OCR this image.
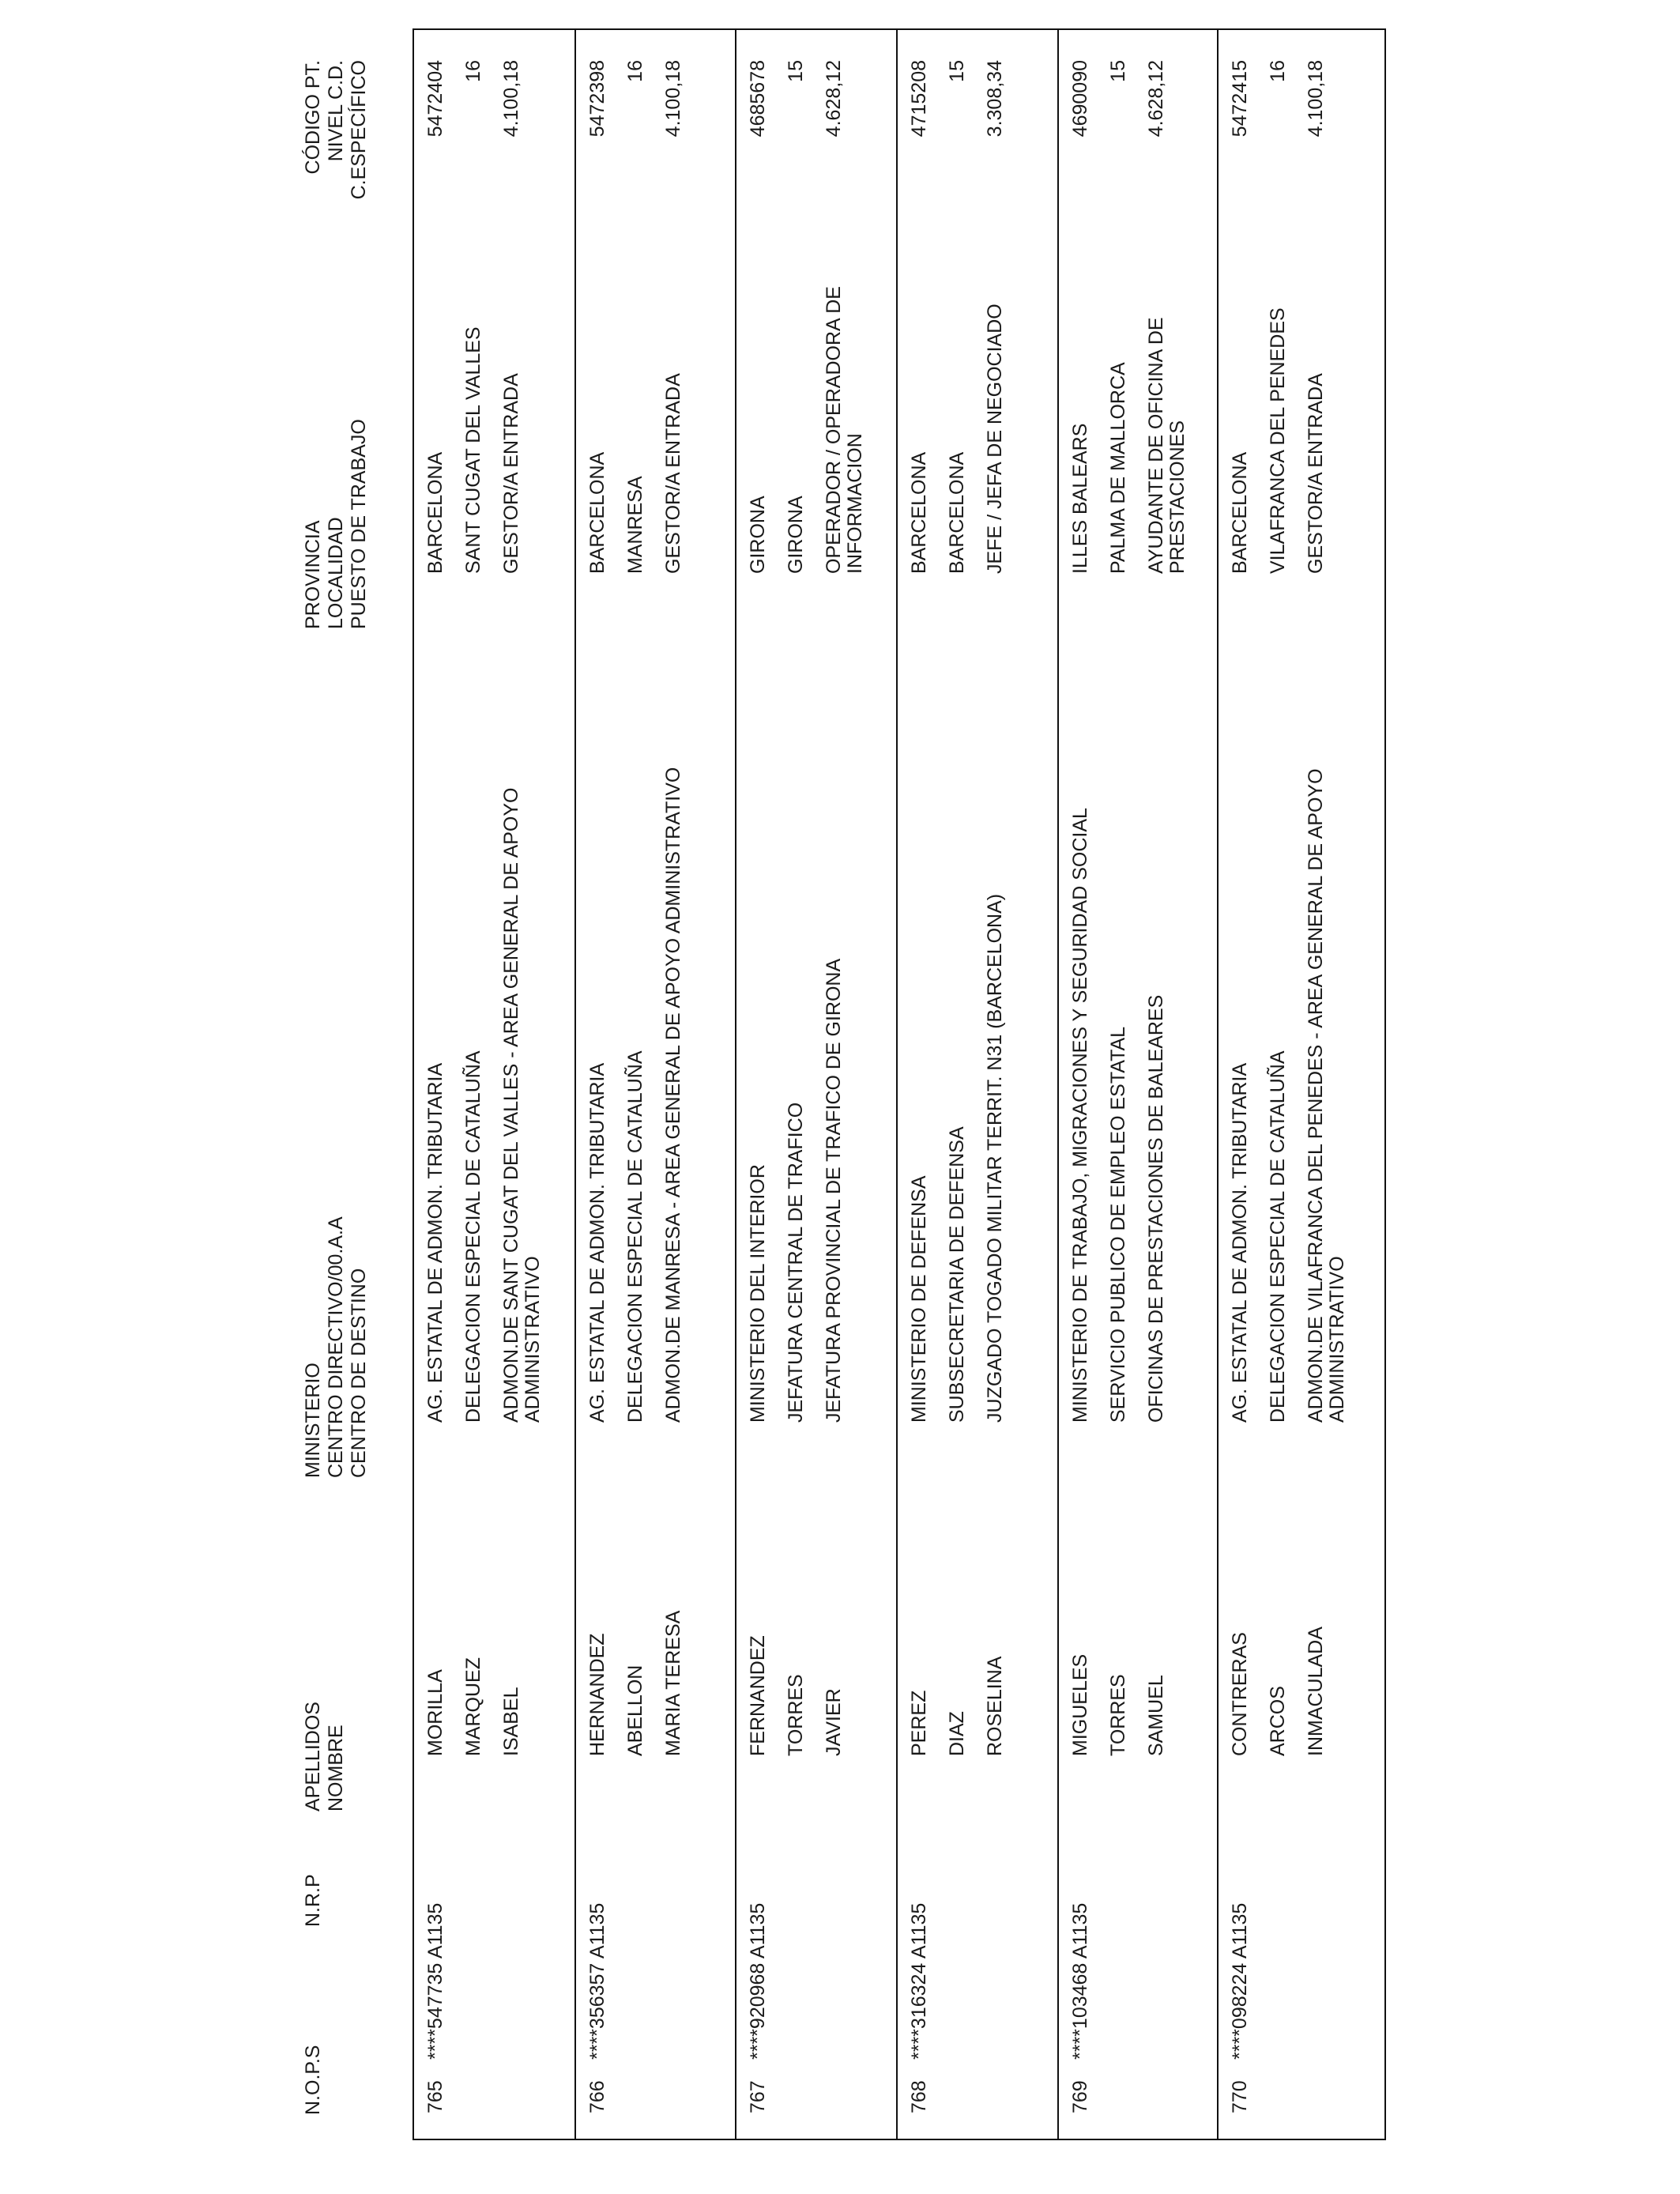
N.O.P.S
N.R.P
APELLIDOS NOMBRE
MINISTERIO CENTRO DIRECTIVO/00.A.A CENTRO DE DESTINO
PROVINCIA LOCALIDAD PUESTO DE TRABAJO
CÓDIGO PT. NIVEL C.D. C.ESPECÍFICO
765
****547735 A1135
MORILLA MARQUEZ ISABEL
AG. ESTATAL DE ADMON. TRIBUTARIA DELEGACION ESPECIAL DE CATALUÑA ADMON.DE SANT CUGAT DEL VALLES - AREA GENERAL DE APOYO ADMINISTRATIVO
BARCELONA SANT CUGAT DEL VALLES GESTOR/A ENTRADA
5472404 16 4.100,18
766
****356357 A1135
HERNANDEZ ABELLON MARIA TERESA
AG. ESTATAL DE ADMON. TRIBUTARIA DELEGACION ESPECIAL DE CATALUÑA ADMON.DE MANRESA - AREA GENERAL DE APOYO ADMINISTRATIVO
BARCELONA MANRESA GESTOR/A ENTRADA
5472398 16 4.100,18
767
****920968 A1135
FERNANDEZ TORRES JAVIER
MINISTERIO DEL INTERIOR JEFATURA CENTRAL DE TRAFICO JEFATURA PROVINCIAL DE TRAFICO DE GIRONA
GIRONA GIRONA OPERADOR / OPERADORA DE INFORMACION
4685678 15 4.628,12
768
****316324 A1135
PEREZ DIAZ ROSELINA
MINISTERIO DE DEFENSA SUBSECRETARIA DE DEFENSA JUZGADO TOGADO MILITAR TERRIT. N31 (BARCELONA)
BARCELONA BARCELONA JEFE / JEFA DE NEGOCIADO
4715208 15 3.308,34
769
****103468 A1135
MIGUELES TORRES SAMUEL
MINISTERIO DE TRABAJO, MIGRACIONES Y SEGURIDAD SOCIAL SERVICIO PUBLICO DE EMPLEO ESTATAL OFICINAS DE PRESTACIONES DE BALEARES
ILLES BALEARS PALMA DE MALLORCA AYUDANTE DE OFICINA DE PRESTACIONES
4690090 15 4.628,12
770
****098224 A1135
CONTRERAS ARCOS INMACULADA
AG. ESTATAL DE ADMON. TRIBUTARIA DELEGACION ESPECIAL DE CATALUÑA ADMON.DE VILAFRANCA DEL PENEDES - AREA GENERAL DE APOYO ADMINISTRATIVO
BARCELONA VILAFRANCA DEL PENEDES GESTOR/A ENTRADA
5472415 16 4.100,18
